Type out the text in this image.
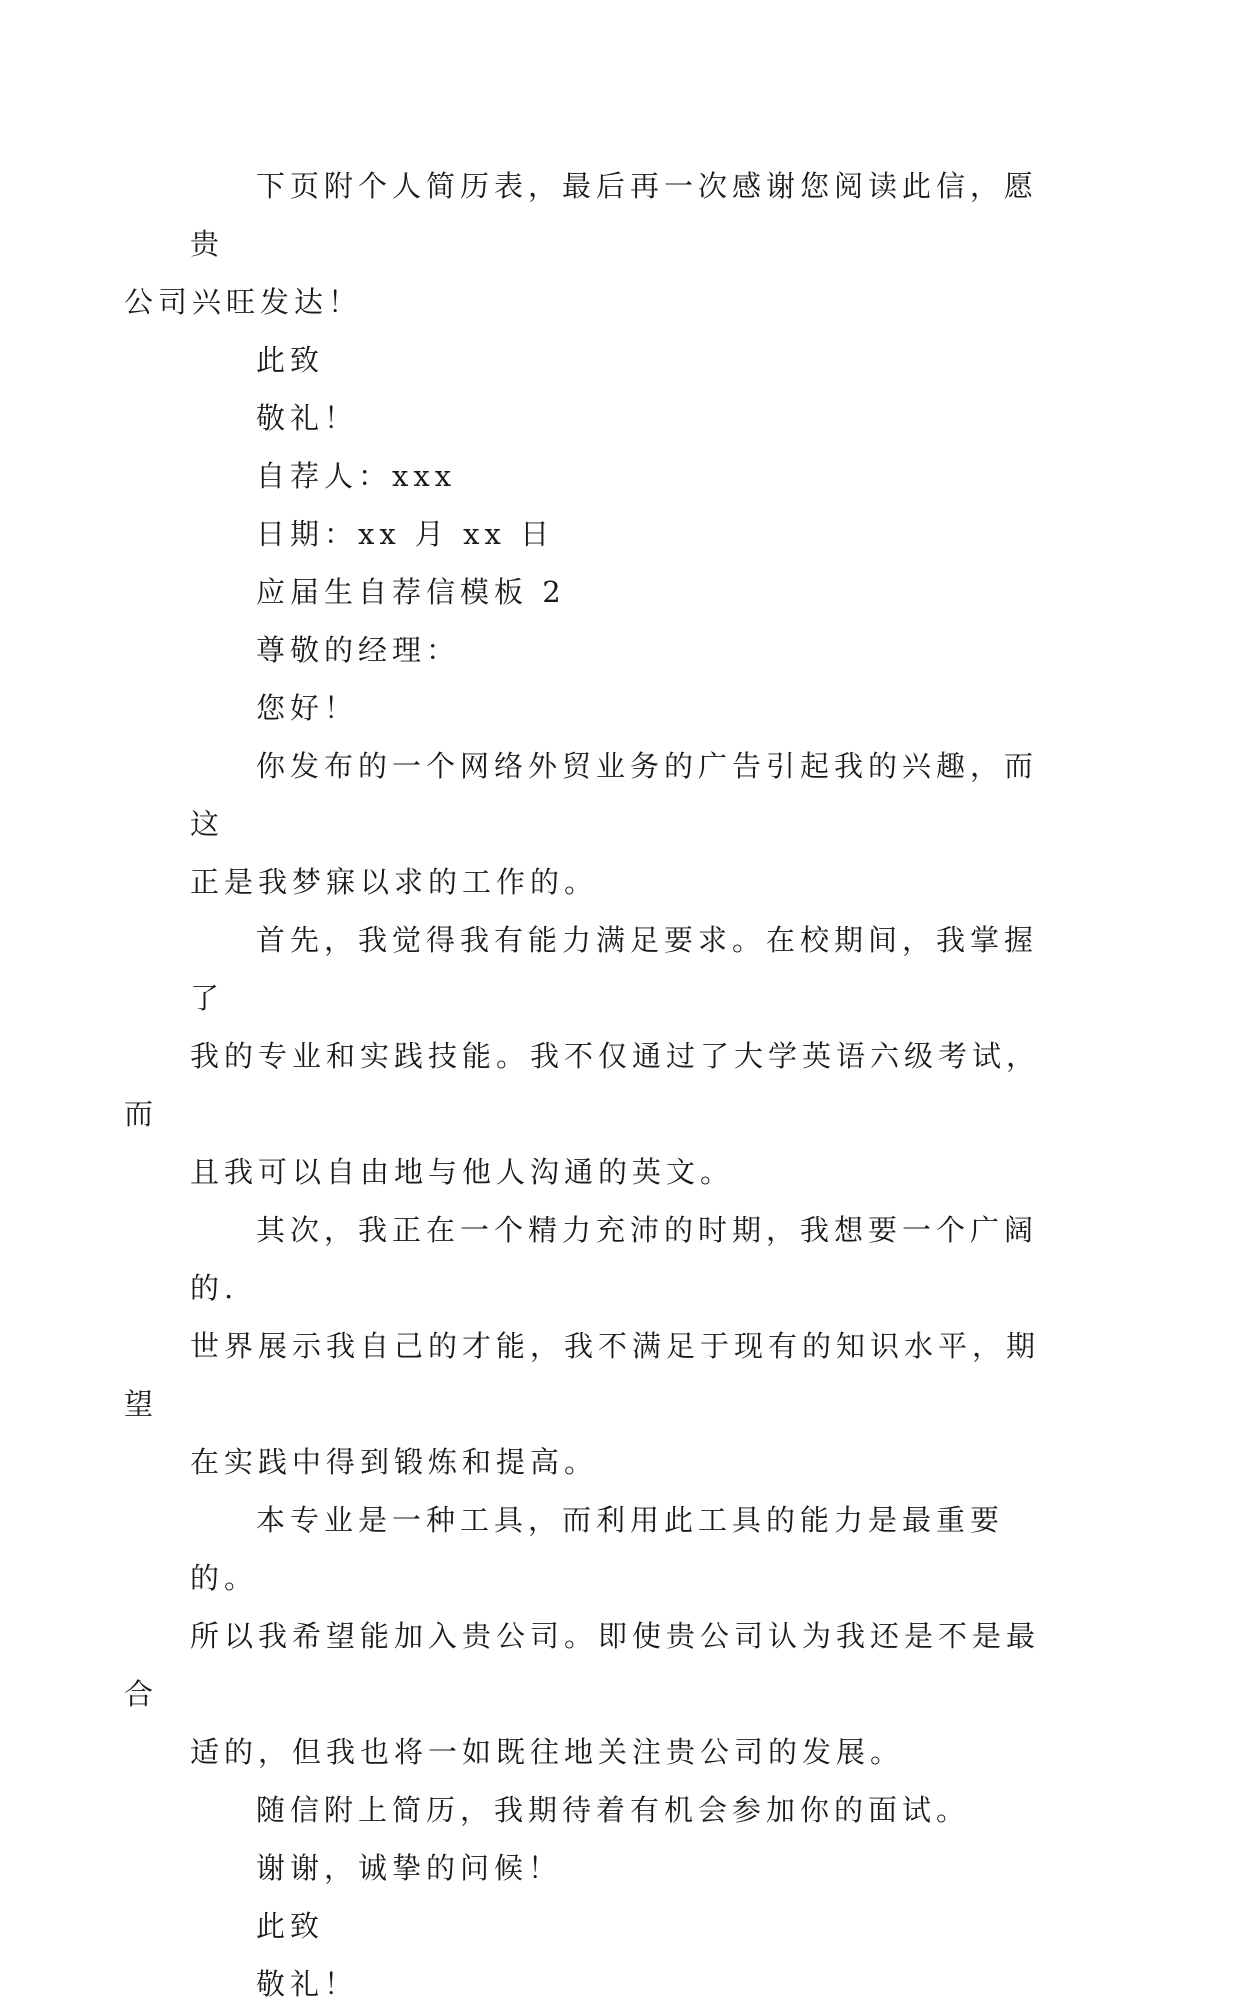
下页附个人简历表，最后再一次感谢您阅读此信，愿贵
公司兴旺发达！

此致

敬礼！

自荐人：xxx

日期：xx 月 xx 日

应届生自荐信模板 2

尊敬的经理：

您好！

你发布的一个网络外贸业务的广告引起我的兴趣，而这
正是我梦寐以求的工作的。

首先，我觉得我有能力满足要求。在校期间，我掌握了
我的专业和实践技能。我不仅通过了大学英语六级考试，而
且我可以自由地与他人沟通的英文。

其次，我正在一个精力充沛的时期，我想要一个广阔的.
世界展示我自己的才能，我不满足于现有的知识水平，期望
在实践中得到锻炼和提高。

本专业是一种工具，而利用此工具的能力是最重要的。
所以我希望能加入贵公司。即使贵公司认为我还是不是最合
适的，但我也将一如既往地关注贵公司的发展。

随信附上简历，我期待着有机会参加你的面试。

谢谢，诚挚的问候！

此致

敬礼！
